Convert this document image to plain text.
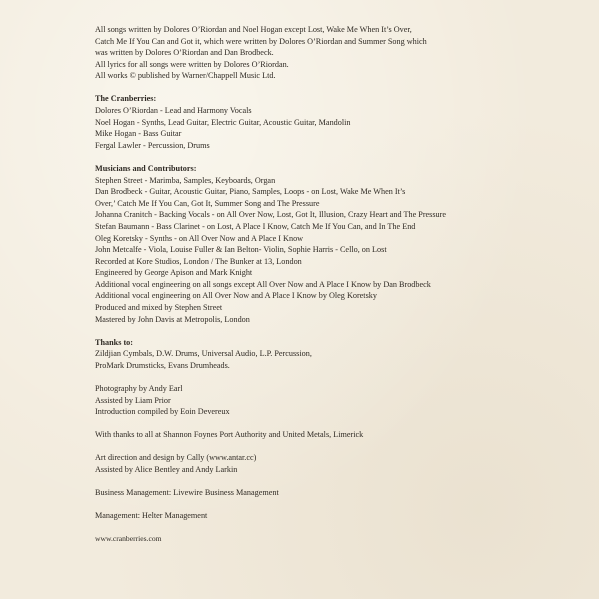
All songs written by Dolores O’Riordan and Noel Hogan except Lost, Wake Me When It’s Over,
Catch Me If You Can and Got it, which were written by Dolores O’Riordan and Summer Song which
was written by Dolores O’Riordan and Dan Brodbeck.
All lyrics for all songs were written by Dolores O’Riordan.
All works © published by Warner/Chappell Music Ltd.
The Cranberries:
Dolores O’Riordan - Lead and Harmony Vocals
Noel Hogan - Synths, Lead Guitar, Electric Guitar, Acoustic Guitar, Mandolin
Mike Hogan - Bass Guitar
Fergal Lawler - Percussion, Drums
Musicians and Contributors:
Stephen Street - Marimba, Samples, Keyboards, Organ
Dan Brodbeck - Guitar, Acoustic Guitar, Piano, Samples, Loops - on Lost, Wake Me When It’s
Over,’ Catch Me If You Can, Got It, Summer Song and The Pressure
Johanna Cranitch - Backing Vocals - on All Over Now, Lost, Got It, Illusion, Crazy Heart and The Pressure
Stefan Baumann - Bass Clarinet - on Lost, A Place I Know, Catch Me If You Can, and In The End
Oleg Koretsky - Synths - on All Over Now and A Place I Know
John Metcalfe - Viola, Louise Fuller & Ian Belton- Violin, Sophie Harris - Cello, on Lost
Recorded at Kore Studios, London / The Bunker at 13, London
Engineered by George Apison and Mark Knight
Additional vocal engineering on all songs except All Over Now and A Place I Know by Dan Brodbeck
Additional vocal engineering on All Over Now and A Place I Know by Oleg Koretsky
Produced and mixed by Stephen Street
Mastered by John Davis at Metropolis, London
Thanks to:
Zildjian Cymbals, D.W. Drums, Universal Audio, L.P. Percussion,
ProMark Drumsticks, Evans Drumheads.
Photography by Andy Earl
Assisted by Liam Prior
Introduction compiled by Eoin Devereux
With thanks to all at Shannon Foynes Port Authority and United Metals, Limerick
Art direction and design by Cally (www.antar.cc)
Assisted by Alice Bentley and Andy Larkin
Business Management: Livewire Business Management
Management: Helter Management
www.cranberries.com
